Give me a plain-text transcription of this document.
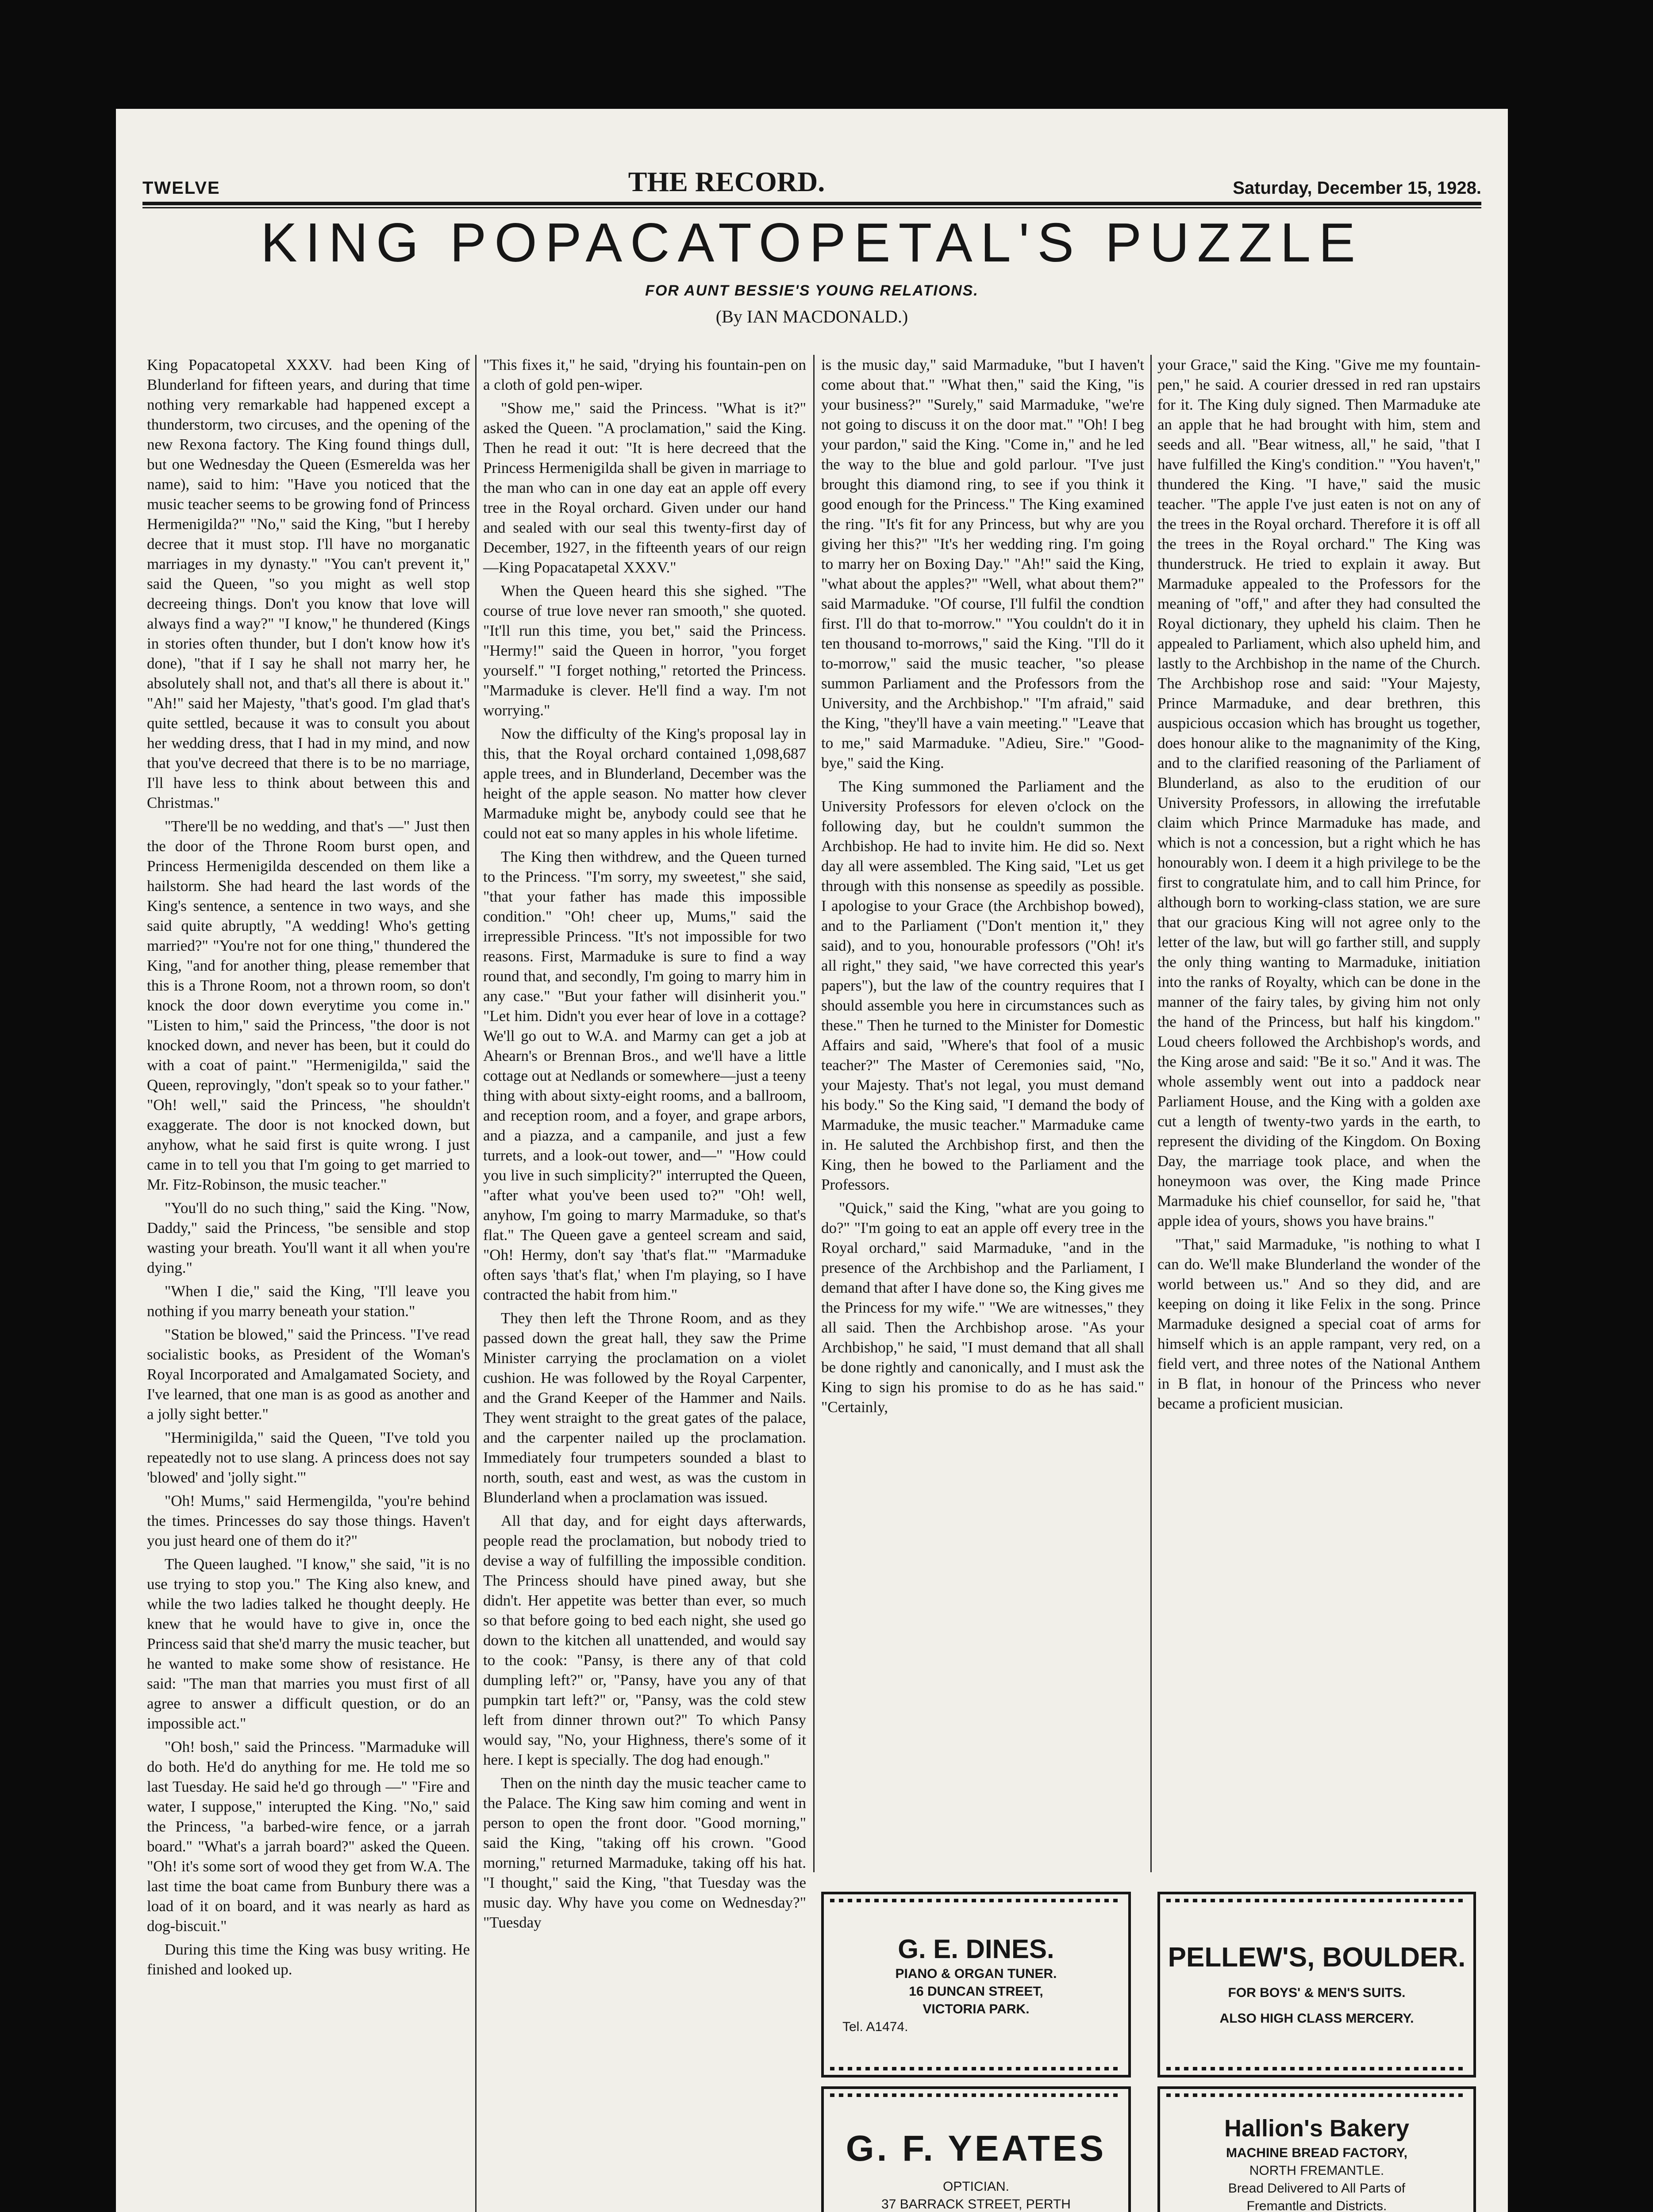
TWELVE	THE RECORD.	Saturday, December 15, 1928.
KING POPACATOPETAL'S PUZZLE
FOR AUNT BESSIE'S YOUNG RELATIONS.
(By IAN MACDONALD.)

King Popacatopetal XXXV. had been King of Blunderland for fifteen years, and during that time nothing very remarkable had happened except a thunderstorm, two circuses, and the opening of the new Rexona factory. The King found things dull, but one Wednesday the Queen (Esmerelda was her name), said to him: "Have you noticed that the music teacher seems to be growing fond of Princess Hermenigilda?" "No," said the King, "but I hereby decree that it must stop. I'll have no morganatic marriages in my dynasty." "You can't prevent it," said the Queen, "so you might as well stop decreeing things. Don't you know that love will always find a way?" "I know," he thundered (Kings in stories often thunder, but I don't know how it's done), "that if I say he shall not marry her, he absolutely shall not, and that's all there is about it." "Ah!" said her Majesty, "that's good. I'm glad that's quite settled, because it was to consult you about her wedding dress, that I had in my mind, and now that you've decreed that there is to be no marriage, I'll have less to think about between this and Christmas."

"There'll be no wedding, and that's —" Just then the door of the Throne Room burst open, and Princess Hermenigilda descended on them like a hailstorm. She had heard the last words of the King's sentence, a sentence in two ways, and she said quite abruptly, "A wedding! Who's getting married?" "You're not for one thing," thundered the King, "and for another thing, please remember that this is a Throne Room, not a thrown room, so don't knock the door down everytime you come in." "Listen to him," said the Princess, "the door is not knocked down, and never has been, but it could do with a coat of paint." "Hermenigilda," said the Queen, reprovingly, "don't speak so to your father." "Oh! well," said the Princess, "he shouldn't exaggerate. The door is not knocked down, but anyhow, what he said first is quite wrong. I just came in to tell you that I'm going to get married to Mr. Fitz-Robinson, the music teacher."

"You'll do no such thing," said the King. "Now, Daddy," said the Princess, "be sensible and stop wasting your breath. You'll want it all when you're dying."

"When I die," said the King, "I'll leave you nothing if you marry beneath your station."

"Station be blowed," said the Princess. "I've read socialistic books, as President of the Woman's Royal Incorporated and Amalgamated Society, and I've learned, that one man is as good as another and a jolly sight better."

"Herminigilda," said the Queen, "I've told you repeatedly not to use slang. A princess does not say 'blowed' and 'jolly sight.'"

"Oh! Mums," said Hermengilda, "you're behind the times. Princesses do say those things. Haven't you just heard one of them do it?"

The Queen laughed. "I know," she said, "it is no use trying to stop you." The King also knew, and while the two ladies talked he thought deeply. He knew that he would have to give in, once the Princess said that she'd marry the music teacher, but he wanted to make some show of resistance. He said: "The man that marries you must first of all agree to answer a difficult question, or do an impossible act."

"Oh! bosh," said the Princess. "Marmaduke will do both. He'd do anything for me. He told me so last Tuesday. He said he'd go through —" "Fire and water, I suppose," interupted the King. "No," said the Princess, "a barbed-wire fence, or a jarrah board." "What's a jarrah board?" asked the Queen. "Oh! it's some sort of wood they get from W.A. The last time the boat came from Bunbury there was a load of it on board, and it was nearly as hard as dog-biscuit."

During this time the King was busy writing. He finished and looked up.

"This fixes it," he said, "drying his fountain-pen on a cloth of gold pen-wiper.

"Show me," said the Princess. "What is it?" asked the Queen. "A proclamation," said the King. Then he read it out: "It is here decreed that the Princess Hermenigilda shall be given in marriage to the man who can in one day eat an apple off every tree in the Royal orchard. Given under our hand and sealed with our seal this twenty-first day of December, 1927, in the fifteenth years of our reign—King Popacatapetal XXXV."

When the Queen heard this she sighed. "The course of true love never ran smooth," she quoted. "It'll run this time, you bet," said the Princess. "Hermy!" said the Queen in horror, "you forget yourself." "I forget nothing," retorted the Princess. "Marmaduke is clever. He'll find a way. I'm not worrying."

Now the difficulty of the King's proposal lay in this, that the Royal orchard contained 1,098,687 apple trees, and in Blunderland, December was the height of the apple season. No matter how clever Marmaduke might be, anybody could see that he could not eat so many apples in his whole lifetime.

The King then withdrew, and the Queen turned to the Princess. "I'm sorry, my sweetest," she said, "that your father has made this impossible condition." "Oh! cheer up, Mums," said the irrepressible Princess. "It's not impossible for two reasons. First, Marmaduke is sure to find a way round that, and secondly, I'm going to marry him in any case." "But your father will disinherit you." "Let him. Didn't you ever hear of love in a cottage? We'll go out to W.A. and Marmy can get a job at Ahearn's or Brennan Bros., and we'll have a little cottage out at Nedlands or somewhere—just a teeny thing with about sixty-eight rooms, and a ballroom, and reception room, and a foyer, and grape arbors, and a piazza, and a campanile, and just a few turrets, and a look-out tower, and—" "How could you live in such simplicity?" interrupted the Queen, "after what you've been used to?" "Oh! well, anyhow, I'm going to marry Marmaduke, so that's flat." The Queen gave a genteel scream and said, "Oh! Hermy, don't say 'that's flat.'" "Marmaduke often says 'that's flat,' when I'm playing, so I have contracted the habit from him."

They then left the Throne Room, and as they passed down the great hall, they saw the Prime Minister carrying the proclamation on a violet cushion. He was followed by the Royal Carpenter, and the Grand Keeper of the Hammer and Nails. They went straight to the great gates of the palace, and the carpenter nailed up the proclamation. Immediately four trumpeters sounded a blast to north, south, east and west, as was the custom in Blunderland when a proclamation was issued.

All that day, and for eight days afterwards, people read the proclamation, but nobody tried to devise a way of fulfilling the impossible condition. The Princess should have pined away, but she didn't. Her appetite was better than ever, so much so that before going to bed each night, she used go down to the kitchen all unattended, and would say to the cook: "Pansy, is there any of that cold dumpling left?" or, "Pansy, have you any of that pumpkin tart left?" or, "Pansy, was the cold stew left from dinner thrown out?" To which Pansy would say, "No, your Highness, there's some of it here. I kept is specially. The dog had enough."

Then on the ninth day the music teacher came to the Palace. The King saw him coming and went in person to open the front door. "Good morning," said the King, "taking off his crown. "Good morning," returned Marmaduke, taking off his hat. "I thought," said the King, "that Tuesday was the music day. Why have you come on Wednesday?" "Tuesday

is the music day," said Marmaduke, "but I haven't come about that." "What then," said the King, "is your business?" "Surely," said Marmaduke, "we're not going to discuss it on the door mat." "Oh! I beg your pardon," said the King. "Come in," and he led the way to the blue and gold parlour. "I've just brought this diamond ring, to see if you think it good enough for the Princess." The King examined the ring. "It's fit for any Princess, but why are you giving her this?" "It's her wedding ring. I'm going to marry her on Boxing Day." "Ah!" said the King, "what about the apples?" "Well, what about them?" said Marmaduke. "Of course, I'll fulfil the condtion first. I'll do that to-morrow." "You couldn't do it in ten thousand to-morrows," said the King. "I'll do it to-morrow," said the music teacher, "so please summon Parliament and the Professors from the University, and the Archbishop." "I'm afraid," said the King, "they'll have a vain meeting." "Leave that to me," said Marmaduke. "Adieu, Sire." "Good-bye," said the King.

The King summoned the Parliament and the University Professors for eleven o'clock on the following day, but he couldn't summon the Archbishop. He had to invite him. He did so. Next day all were assembled. The King said, "Let us get through with this nonsense as speedily as possible. I apologise to your Grace (the Archbishop bowed), and to the Parliament ("Don't mention it," they said), and to you, honourable professors ("Oh! it's all right," they said, "we have corrected this year's papers"), but the law of the country requires that I should assemble you here in circumstances such as these." Then he turned to the Minister for Domestic Affairs and said, "Where's that fool of a music teacher?" The Master of Ceremonies said, "No, your Majesty. That's not legal, you must demand his body." So the King said, "I demand the body of Marmaduke, the music teacher." Marmaduke came in. He saluted the Archbishop first, and then the King, then he bowed to the Parliament and the Professors.

"Quick," said the King, "what are you going to do?" "I'm going to eat an apple off every tree in the Royal orchard," said Marmaduke, "and in the presence of the Archbishop and the Parliament, I demand that after I have done so, the King gives me the Princess for my wife." "We are witnesses," they all said. Then the Archbishop arose. "As your Archbishop," he said, "I must demand that all shall be done rightly and canonically, and I must ask the King to sign his promise to do as he has said." "Certainly,

your Grace," said the King. "Give me my fountain-pen," he said. A courier dressed in red ran upstairs for it. The King duly signed. Then Marmaduke ate an apple that he had brought with him, stem and seeds and all. "Bear witness, all," he said, "that I have fulfilled the King's condition." "You haven't," thundered the King. "I have," said the music teacher. "The apple I've just eaten is not on any of the trees in the Royal orchard. Therefore it is off all the trees in the Royal orchard." The King was thunderstruck. He tried to explain it away. But Marmaduke appealed to the Professors for the meaning of "off," and after they had consulted the Royal dictionary, they upheld his claim. Then he appealed to Parliament, which also upheld him, and lastly to the Archbishop in the name of the Church. The Archbishop rose and said: "Your Majesty, Prince Marmaduke, and dear brethren, this auspicious occasion which has brought us together, does honour alike to the magnanimity of the King, and to the clarified reasoning of the Parliament of Blunderland, as also to the erudition of our University Professors, in allowing the irrefutable claim which Prince Marmaduke has made, and which is not a concession, but a right which he has honourably won. I deem it a high privilege to be the first to congratulate him, and to call him Prince, for although born to working-class station, we are sure that our gracious King will not agree only to the letter of the law, but will go farther still, and supply the only thing wanting to Marmaduke, initiation into the ranks of Royalty, which can be done in the manner of the fairy tales, by giving him not only the hand of the Princess, but half his kingdom." Loud cheers followed the Archbishop's words, and the King arose and said: "Be it so." And it was. The whole assembly went out into a paddock near Parliament House, and the King with a golden axe cut a length of twenty-two yards in the earth, to represent the dividing of the Kingdom. On Boxing Day, the marriage took place, and when the honeymoon was over, the King made Prince Marmaduke his chief counsellor, for said he, "that apple idea of yours, shows you have brains."

"That," said Marmaduke, "is nothing to what I can do. We'll make Blunderland the wonder of the world between us." And so they did, and are keeping on doing it like Felix in the song. Prince Marmaduke designed a special coat of arms for himself which is an apple rampant, very red, on a field vert, and three notes of the National Anthem in B flat, in honour of the Princess who never became a proficient musician.

G. E. DINES.
PIANO & ORGAN TUNER.
16 DUNCAN STREET,
VICTORIA PARK.
Tel. A1474.
PELLEW'S, BOULDER.
FOR BOYS' & MEN'S SUITS.
ALSO HIGH CLASS MERCERY.
G. F. YEATES
OPTICIAN.
37 BARRACK STREET, PERTH
Hallion's Bakery
MACHINE BREAD FACTORY,
NORTH FREMANTLE.
Bread Delivered to All Parts of
Fremantle and Districts.
